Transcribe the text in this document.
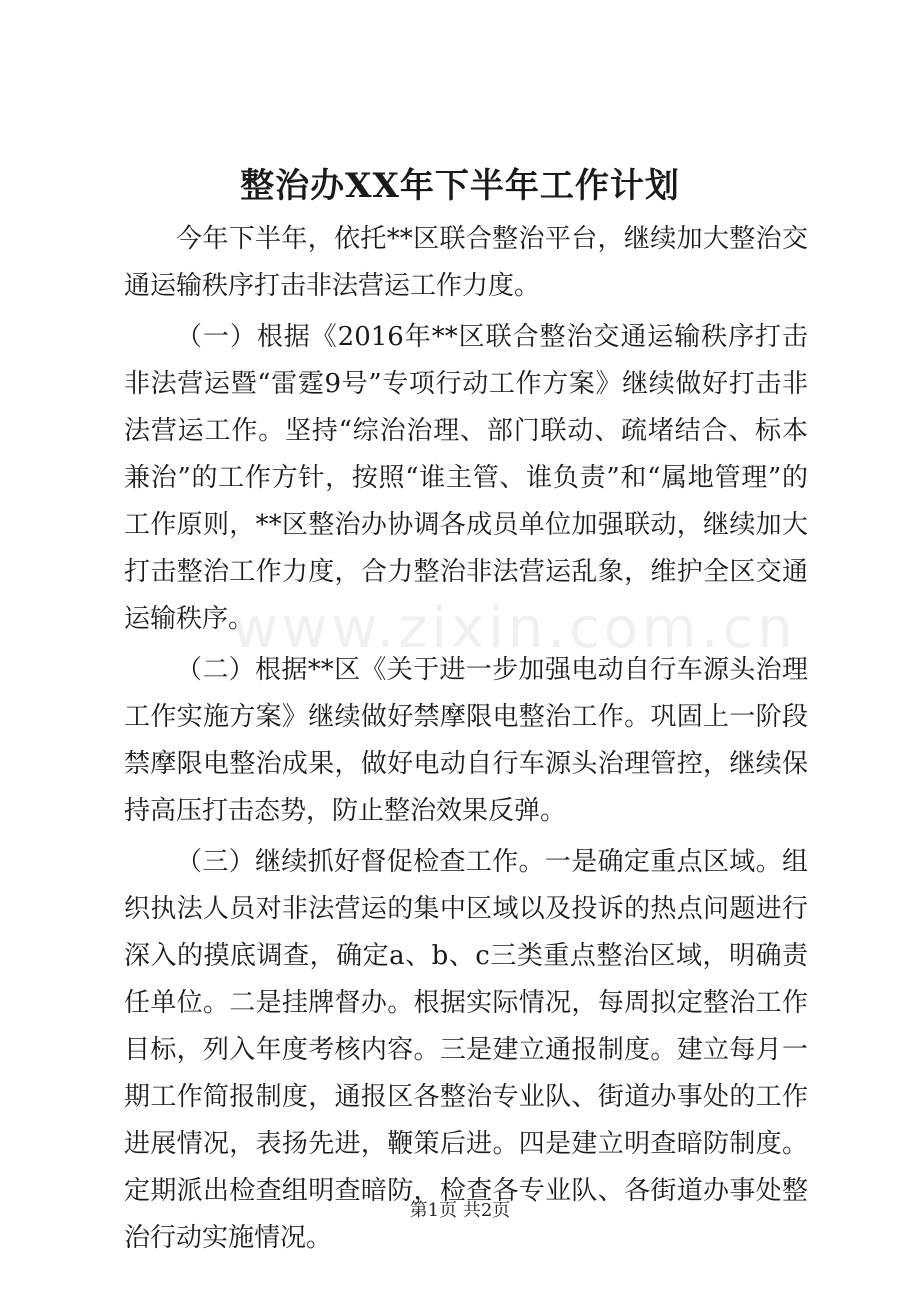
整治办XX年下半年工作计划

今年下半年，依托**区联合整治平台，继续加大整治交通运输秩序打击非法营运工作力度。

（一）根据《2016年**区联合整治交通运输秩序打击非法营运暨“雷霆9号”专项行动工作方案》继续做好打击非法营运工作。坚持“综治治理、部门联动、疏堵结合、标本兼治”的工作方针，按照“谁主管、谁负责”和“属地管理”的工作原则，**区整治办协调各成员单位加强联动，继续加大打击整治工作力度，合力整治非法营运乱象，维护全区交通运输秩序。

（二）根据**区《关于进一步加强电动自行车源头治理工作实施方案》继续做好禁摩限电整治工作。巩固上一阶段禁摩限电整治成果，做好电动自行车源头治理管控，继续保持高压打击态势，防止整治效果反弹。

（三）继续抓好督促检查工作。一是确定重点区域。组织执法人员对非法营运的集中区域以及投诉的热点问题进行深入的摸底调查，确定a、b、c三类重点整治区域，明确责任单位。二是挂牌督办。根据实际情况，每周拟定整治工作目标，列入年度考核内容。三是建立通报制度。建立每月一期工作简报制度，通报区各整治专业队、街道办事处的工作进展情况，表扬先进，鞭策后进。四是建立明查暗防制度。定期派出检查组明查暗防，检查各专业队、各街道办事处整治行动实施情况。

www.zixin.com.cn
第1页 共2页
